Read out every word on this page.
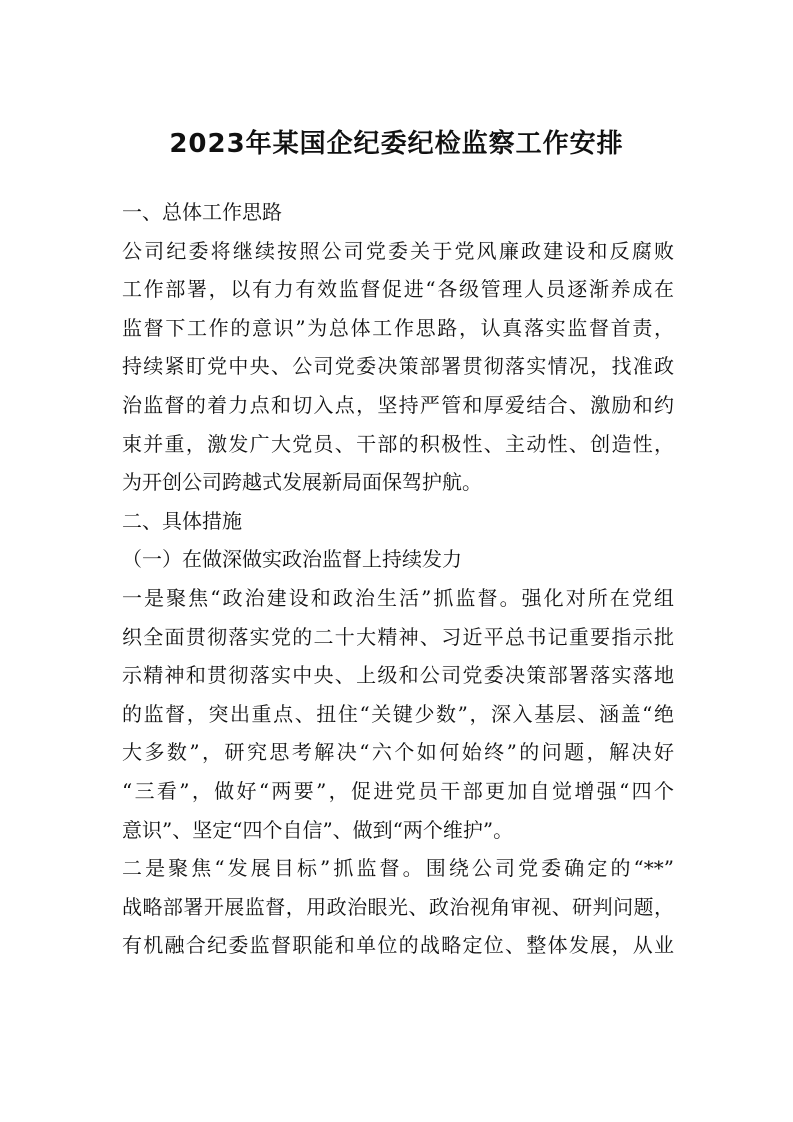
2023年某国企纪委纪检监察工作安排
一、总体工作思路
公司纪委将继续按照公司党委关于党风廉政建设和反腐败
工作部署，以有力有效监督促进“各级管理人员逐渐养成在
监督下工作的意识”为总体工作思路，认真落实监督首责，
持续紧盯党中央、公司党委决策部署贯彻落实情况，找准政
治监督的着力点和切入点，坚持严管和厚爱结合、激励和约
束并重，激发广大党员、干部的积极性、主动性、创造性，
为开创公司跨越式发展新局面保驾护航。
二、具体措施
（一）在做深做实政治监督上持续发力
一是聚焦“政治建设和政治生活”抓监督。强化对所在党组
织全面贯彻落实党的二十大精神、习近平总书记重要指示批
示精神和贯彻落实中央、上级和公司党委决策部署落实落地
的监督，突出重点、扭住“关键少数”，深入基层、涵盖“绝
大多数”，研究思考解决“六个如何始终”的问题，解决好
“三看”，做好“两要”，促进党员干部更加自觉增强“四个
意识”、坚定“四个自信”、做到“两个维护”。
二是聚焦“发展目标”抓监督。围绕公司党委确定的“**”
战略部署开展监督，用政治眼光、政治视角审视、研判问题，
有机融合纪委监督职能和单位的战略定位、整体发展，从业
